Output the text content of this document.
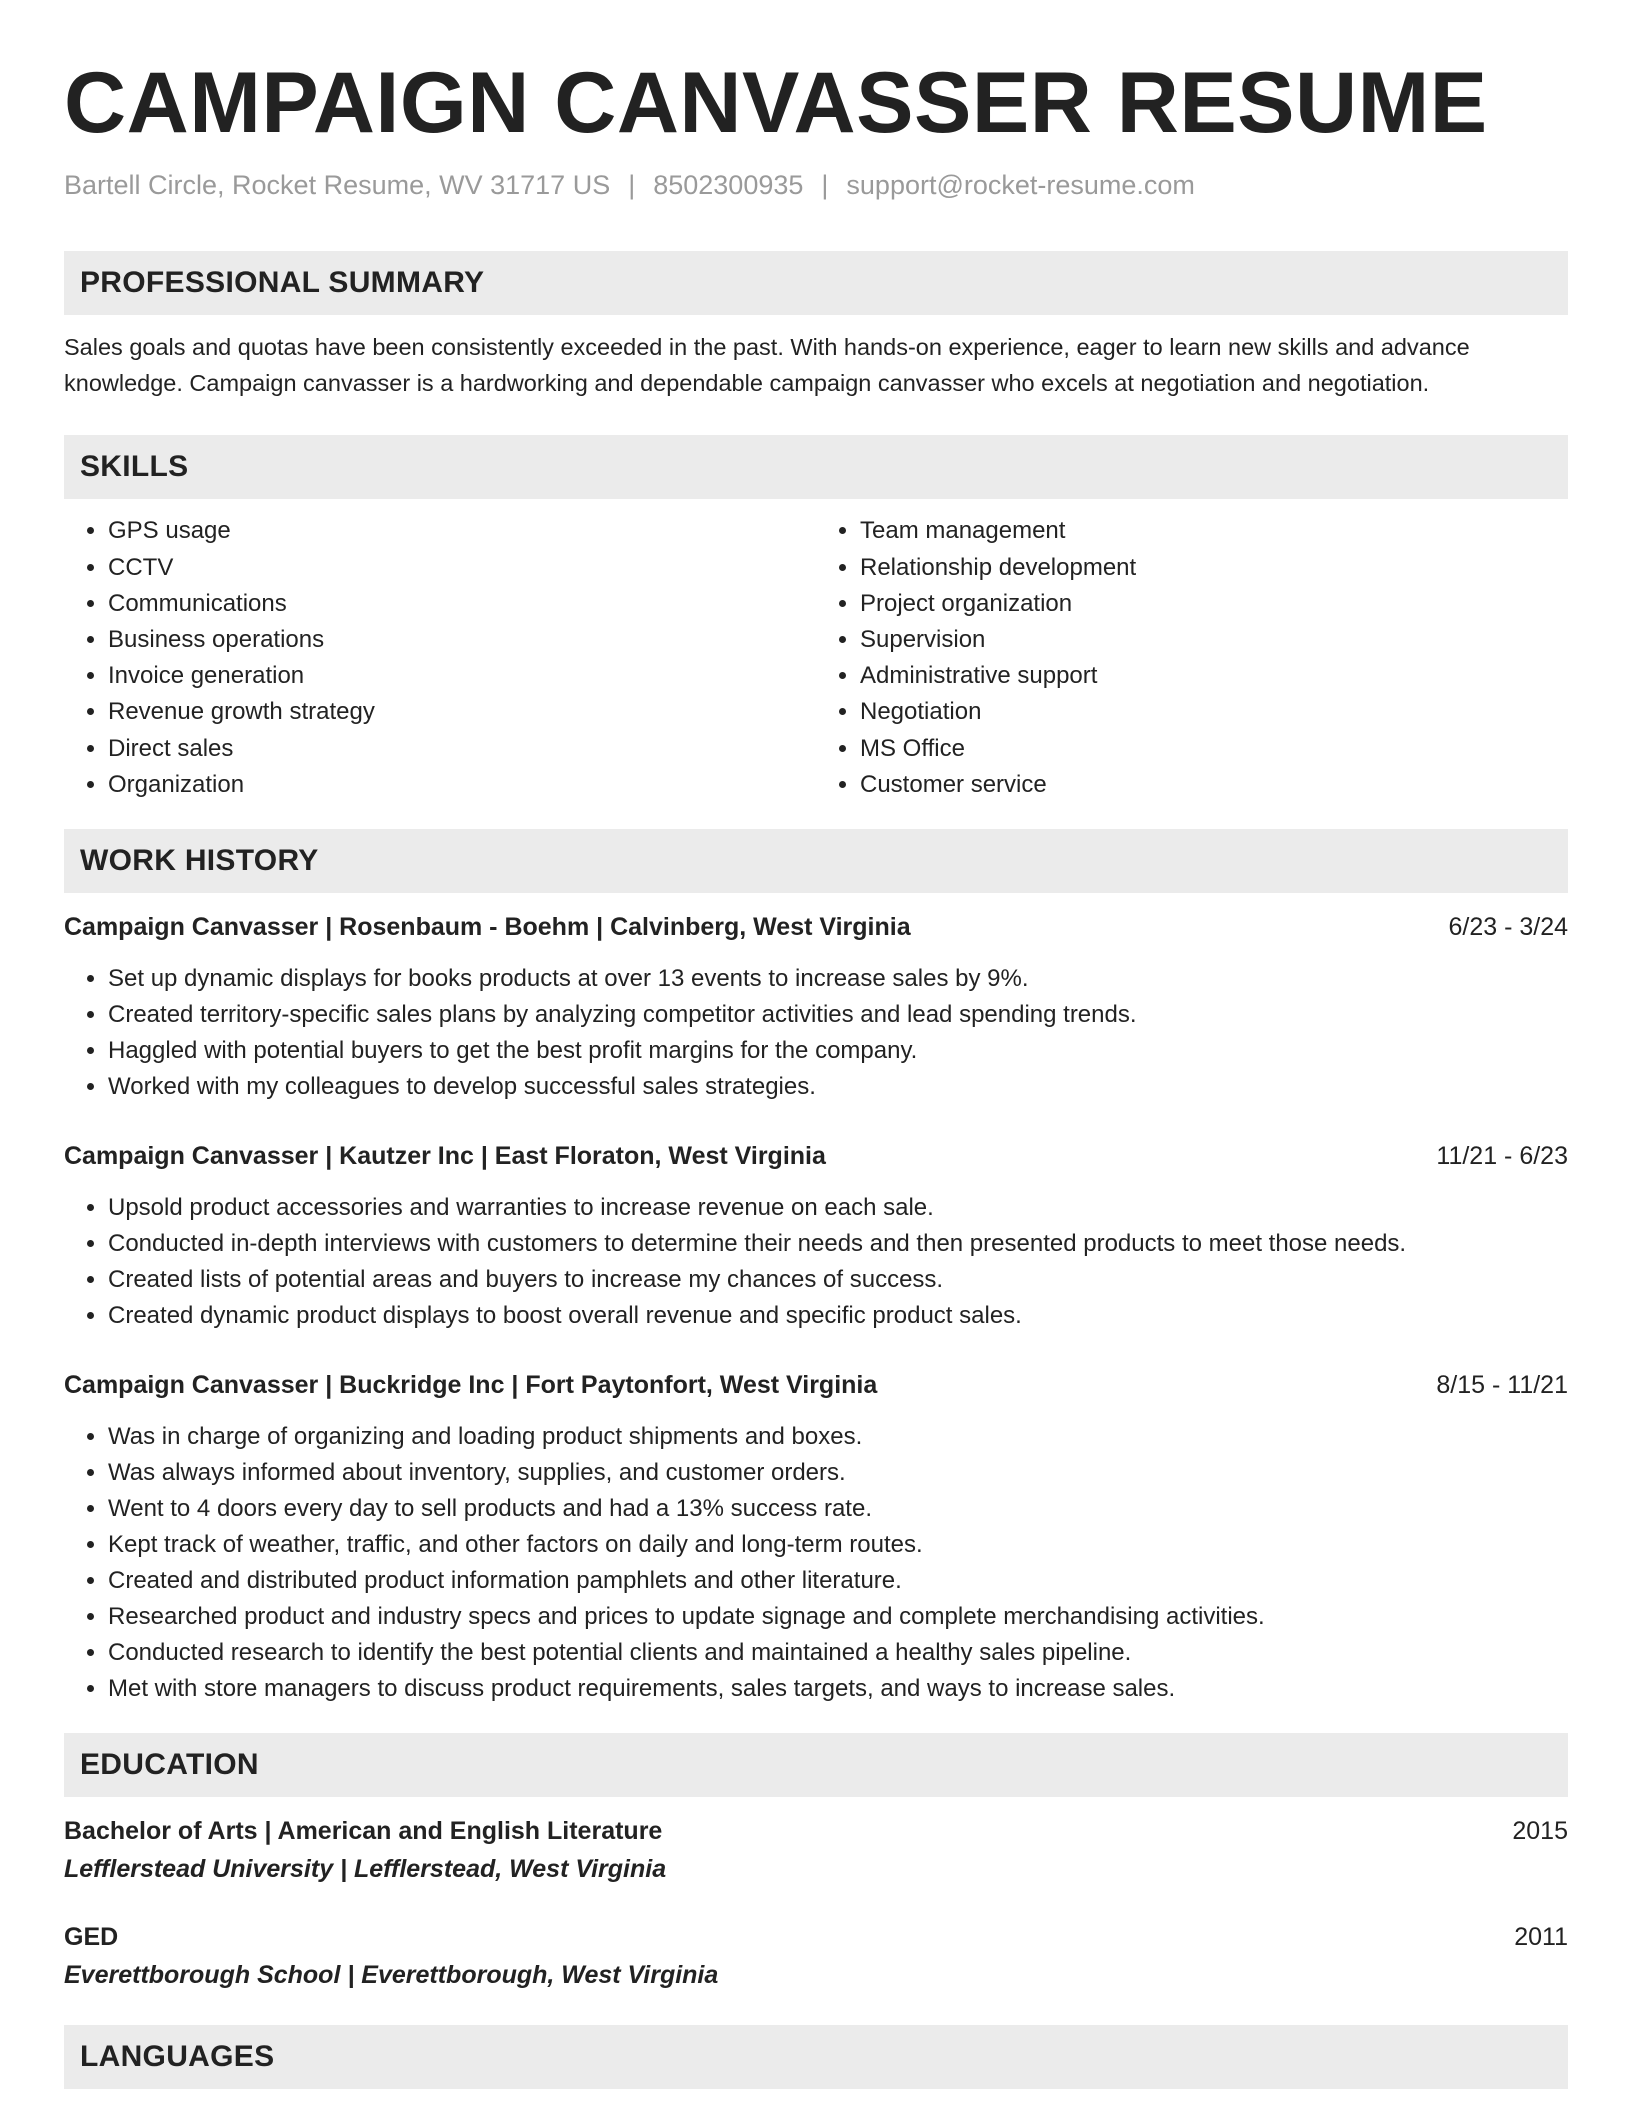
CAMPAIGN CANVASSER RESUME
Bartell Circle, Rocket Resume, WV 31717 US | 8502300935 | support@rocket-resume.com
PROFESSIONAL SUMMARY

Sales goals and quotas have been consistently exceeded in the past. With hands-on experience, eager to learn new skills and advance knowledge. Campaign canvasser is a hardworking and dependable campaign canvasser who excels at negotiation and negotiation.

SKILLS
• GPS usage
• CCTV
• Communications
• Business operations
• Invoice generation
• Revenue growth strategy
• Direct sales
• Organization
• Team management
• Relationship development
• Project organization
• Supervision
• Administrative support
• Negotiation
• MS Office
• Customer service
WORK HISTORY
Campaign Canvasser | Rosenbaum - Boehm | Calvinberg, West Virginia	6/23 - 3/24
• Set up dynamic displays for books products at over 13 events to increase sales by 9%.
• Created territory-specific sales plans by analyzing competitor activities and lead spending trends.
• Haggled with potential buyers to get the best profit margins for the company.
• Worked with my colleagues to develop successful sales strategies.
Campaign Canvasser | Kautzer Inc | East Floraton, West Virginia	11/21 - 6/23
• Upsold product accessories and warranties to increase revenue on each sale.
• Conducted in-depth interviews with customers to determine their needs and then presented products to meet those needs.
• Created lists of potential areas and buyers to increase my chances of success.
• Created dynamic product displays to boost overall revenue and specific product sales.
Campaign Canvasser | Buckridge Inc | Fort Paytonfort, West Virginia	8/15 - 11/21
• Was in charge of organizing and loading product shipments and boxes.
• Was always informed about inventory, supplies, and customer orders.
• Went to 4 doors every day to sell products and had a 13% success rate.
• Kept track of weather, traffic, and other factors on daily and long-term routes.
• Created and distributed product information pamphlets and other literature.
• Researched product and industry specs and prices to update signage and complete merchandising activities.
• Conducted research to identify the best potential clients and maintained a healthy sales pipeline.
• Met with store managers to discuss product requirements, sales targets, and ways to increase sales.
EDUCATION
Bachelor of Arts | American and English Literature	2015
Lefflerstead University | Lefflerstead, West Virginia
GED	2011
Everettborough School | Everettborough, West Virginia
LANGUAGES
